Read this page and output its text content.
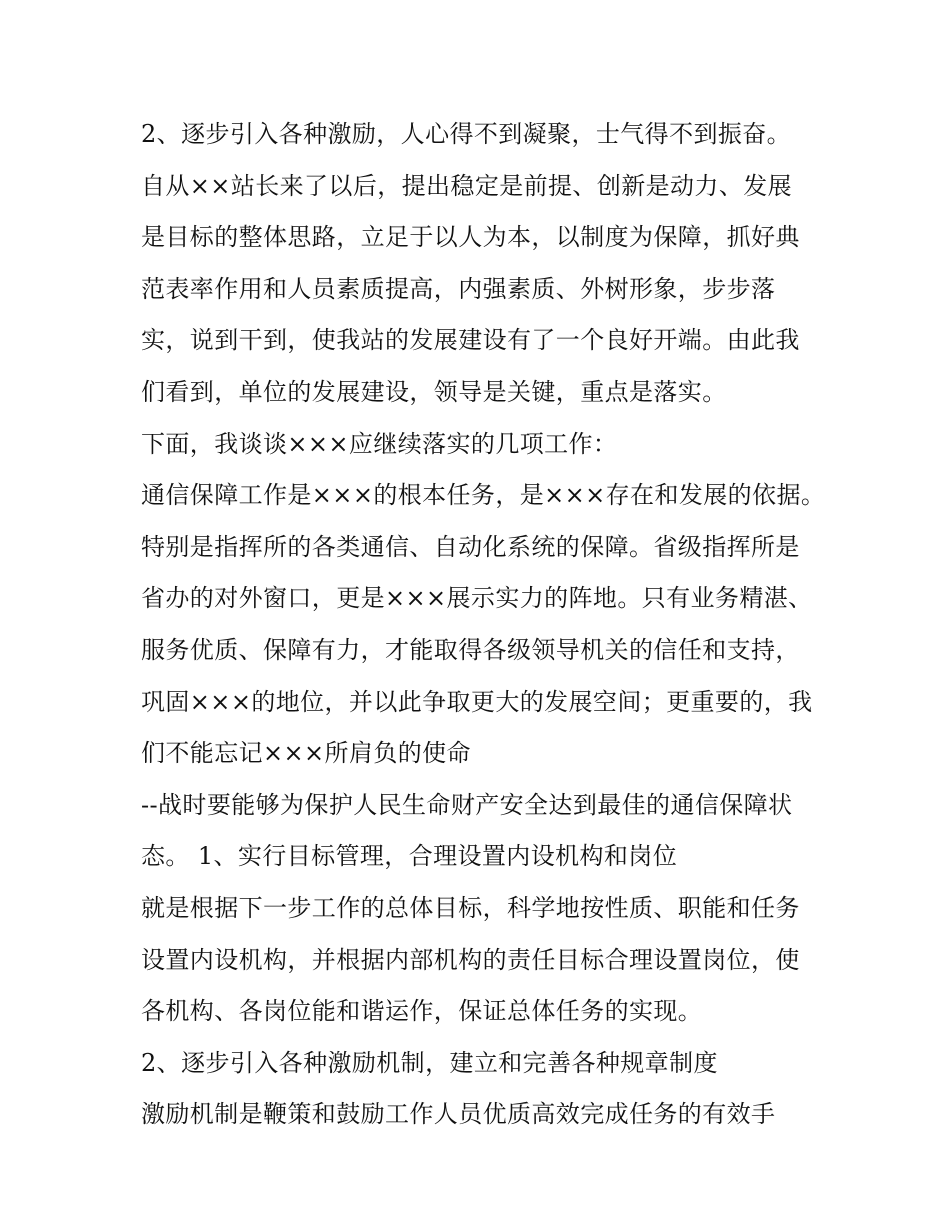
2、逐步引入各种激励，人心得不到凝聚，士气得不到振奋。
自从××站长来了以后，提出稳定是前提、创新是动力、发展
是目标的整体思路，立足于以人为本，以制度为保障，抓好典
范表率作用和人员素质提高，内强素质、外树形象，步步落
实，说到干到，使我站的发展建设有了一个良好开端。由此我
们看到，单位的发展建设，领导是关键，重点是落实。
下面，我谈谈×××应继续落实的几项工作：
通信保障工作是×××的根本任务，是×××存在和发展的依据。
特别是指挥所的各类通信、自动化系统的保障。省级指挥所是
省办的对外窗口，更是×××展示实力的阵地。只有业务精湛、
服务优质、保障有力，才能取得各级领导机关的信任和支持，
巩固×××的地位，并以此争取更大的发展空间；更重要的，我
们不能忘记×××所肩负的使命
--战时要能够为保护人民生命财产安全达到最佳的通信保障状
态。 1、实行目标管理，合理设置内设机构和岗位
就是根据下一步工作的总体目标，科学地按性质、职能和任务
设置内设机构，并根据内部机构的责任目标合理设置岗位，使
各机构、各岗位能和谐运作，保证总体任务的实现。
2、逐步引入各种激励机制，建立和完善各种规章制度
激励机制是鞭策和鼓励工作人员优质高效完成任务的有效手
